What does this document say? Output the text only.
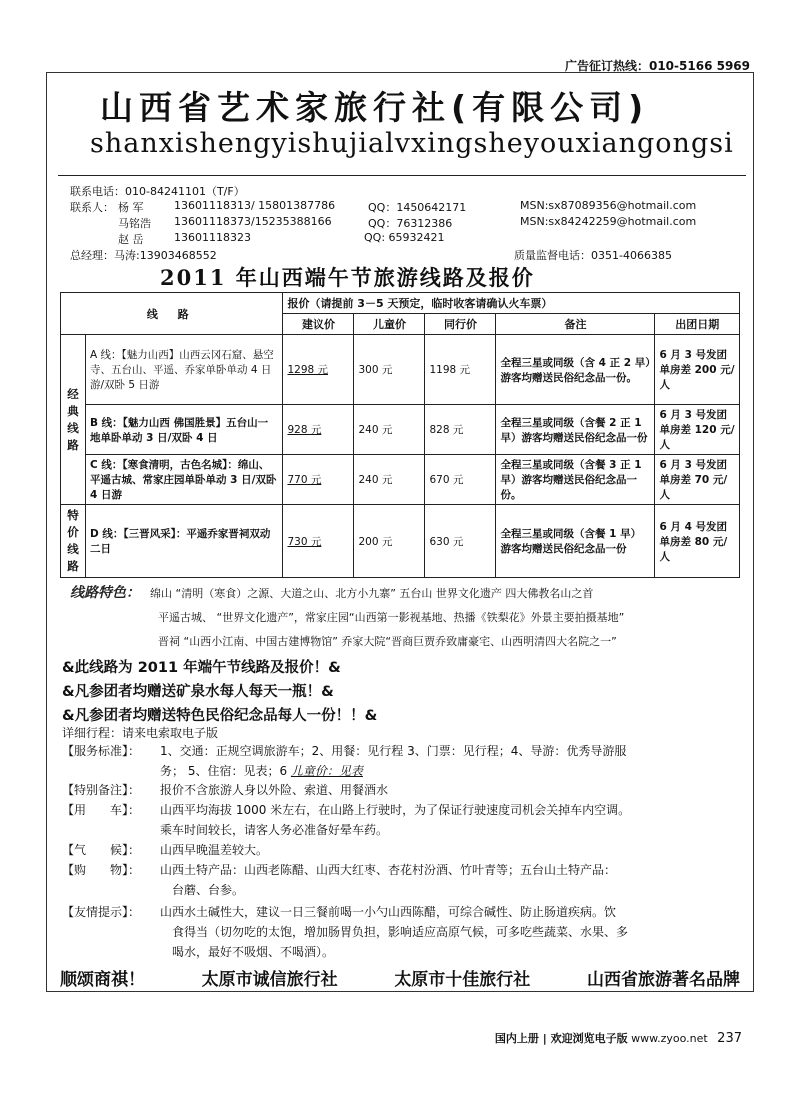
广告征订热线：010-5166 5969
山西省艺术家旅行社(有限公司)
shanxishengyishujialvxingsheyouxiangongsi
联系电话：010-84241101（T/F）
联系人： 杨 军	13601118313/ 15801387786	QQ：1450642171	MSN:sx87089356@hotmail.com
马铭浩 13601118373/15235388166	QQ：76312386	MSN:sx84242259@hotmail.com
赵 岳	13601118323	QQ: 65932421
总经理：马涛:13903468552	质量监督电话：0351-4066385
2011 年山西端午节旅游线路及报价
线 路		报价（请提前 3－5 天预定，临时收客请确认火车票）				
		建议价	儿童价	同行价	备注	出团日期
经典线路	A 线：【魅力山西】山西云冈石窟、悬空寺、五台山、平遥、乔家单卧单动 4 日游/双卧 5 日游	1298 元	300 元	1198 元	全程三星或同级（含 4 正 2 早）游客均赠送民俗纪念品一份。	6 月 3 号发团 单房差 200 元/人
	B 线：【魅力山西 佛国胜景】五台山一地单卧单动 3 日/双卧 4 日	928 元	240 元	828 元	全程三星或同级（含餐 2 正 1 早）游客均赠送民俗纪念品一份	6 月 3 号发团 单房差 120 元/人
	C 线：【寒食清明，古色名城】：绵山、平遥古城、常家庄园单卧单动 3 日/双卧 4 日游	770 元	240 元	670 元	全程三星或同级（含餐 3 正 1 早）游客均赠送民俗纪念品一份。	6 月 3 号发团 单房差 70 元/人
特价线路	D 线：【三晋风采】：平遥乔家晋祠双动二日	730 元	200 元	630 元	全程三星或同级（含餐 1 早）游客均赠送民俗纪念品一份	6 月 4 号发团 单房差 80 元/人
线路特色： 绵山 “清明（寒食）之源、大道之山、北方小九寨” 五台山 世界文化遗产 四大佛教名山之首
平遥古城、 “世界文化遗产”，常家庄园“山西第一影视基地、热播《铁梨花》外景主要拍摄基地”
晋祠 “山西小江南、中国古建博物馆” 乔家大院“晋商巨贾乔致庸豪宅、山西明清四大名院之一”
&此线路为 2011 年端午节线路及报价！&
&凡参团者均赠送矿泉水每人每天一瓶！&
&凡参团者均赠送特色民俗纪念品每人一份！！&
详细行程：请来电索取电子版
【服务标准】： 1、交通：正规空调旅游车；2、用餐：见行程 3、门票：见行程；4、导游：优秀导游服
务； 5、住宿：见表；6 儿童价：见表
【特别备注】： 报价不含旅游人身以外险、索道、用餐酒水
【用　　车】： 山西平均海拔 1000 米左右，在山路上行驶时，为了保证行驶速度司机会关掉车内空调。
乘车时间较长，请客人务必准备好晕车药。
【气　　候】： 山西早晚温差较大。
【购　　物】： 山西土特产品：山西老陈醋、山西大红枣、杏花村汾酒、竹叶青等；五台山土特产品：
台蘑、台参。
【友情提示】： 山西水土碱性大，建议一日三餐前喝一小勺山西陈醋，可综合碱性、防止肠道疾病。饮
食得当（切勿吃的太饱，增加肠胃负担，影响适应高原气候，可多吃些蔬菜、水果、多
喝水，最好不吸烟、不喝酒）。
顺颂商祺！	太原市诚信旅行社	太原市十佳旅行社	山西省旅游著名品牌
国内上册 | 欢迎浏览电子版 www.zyoo.net 237
